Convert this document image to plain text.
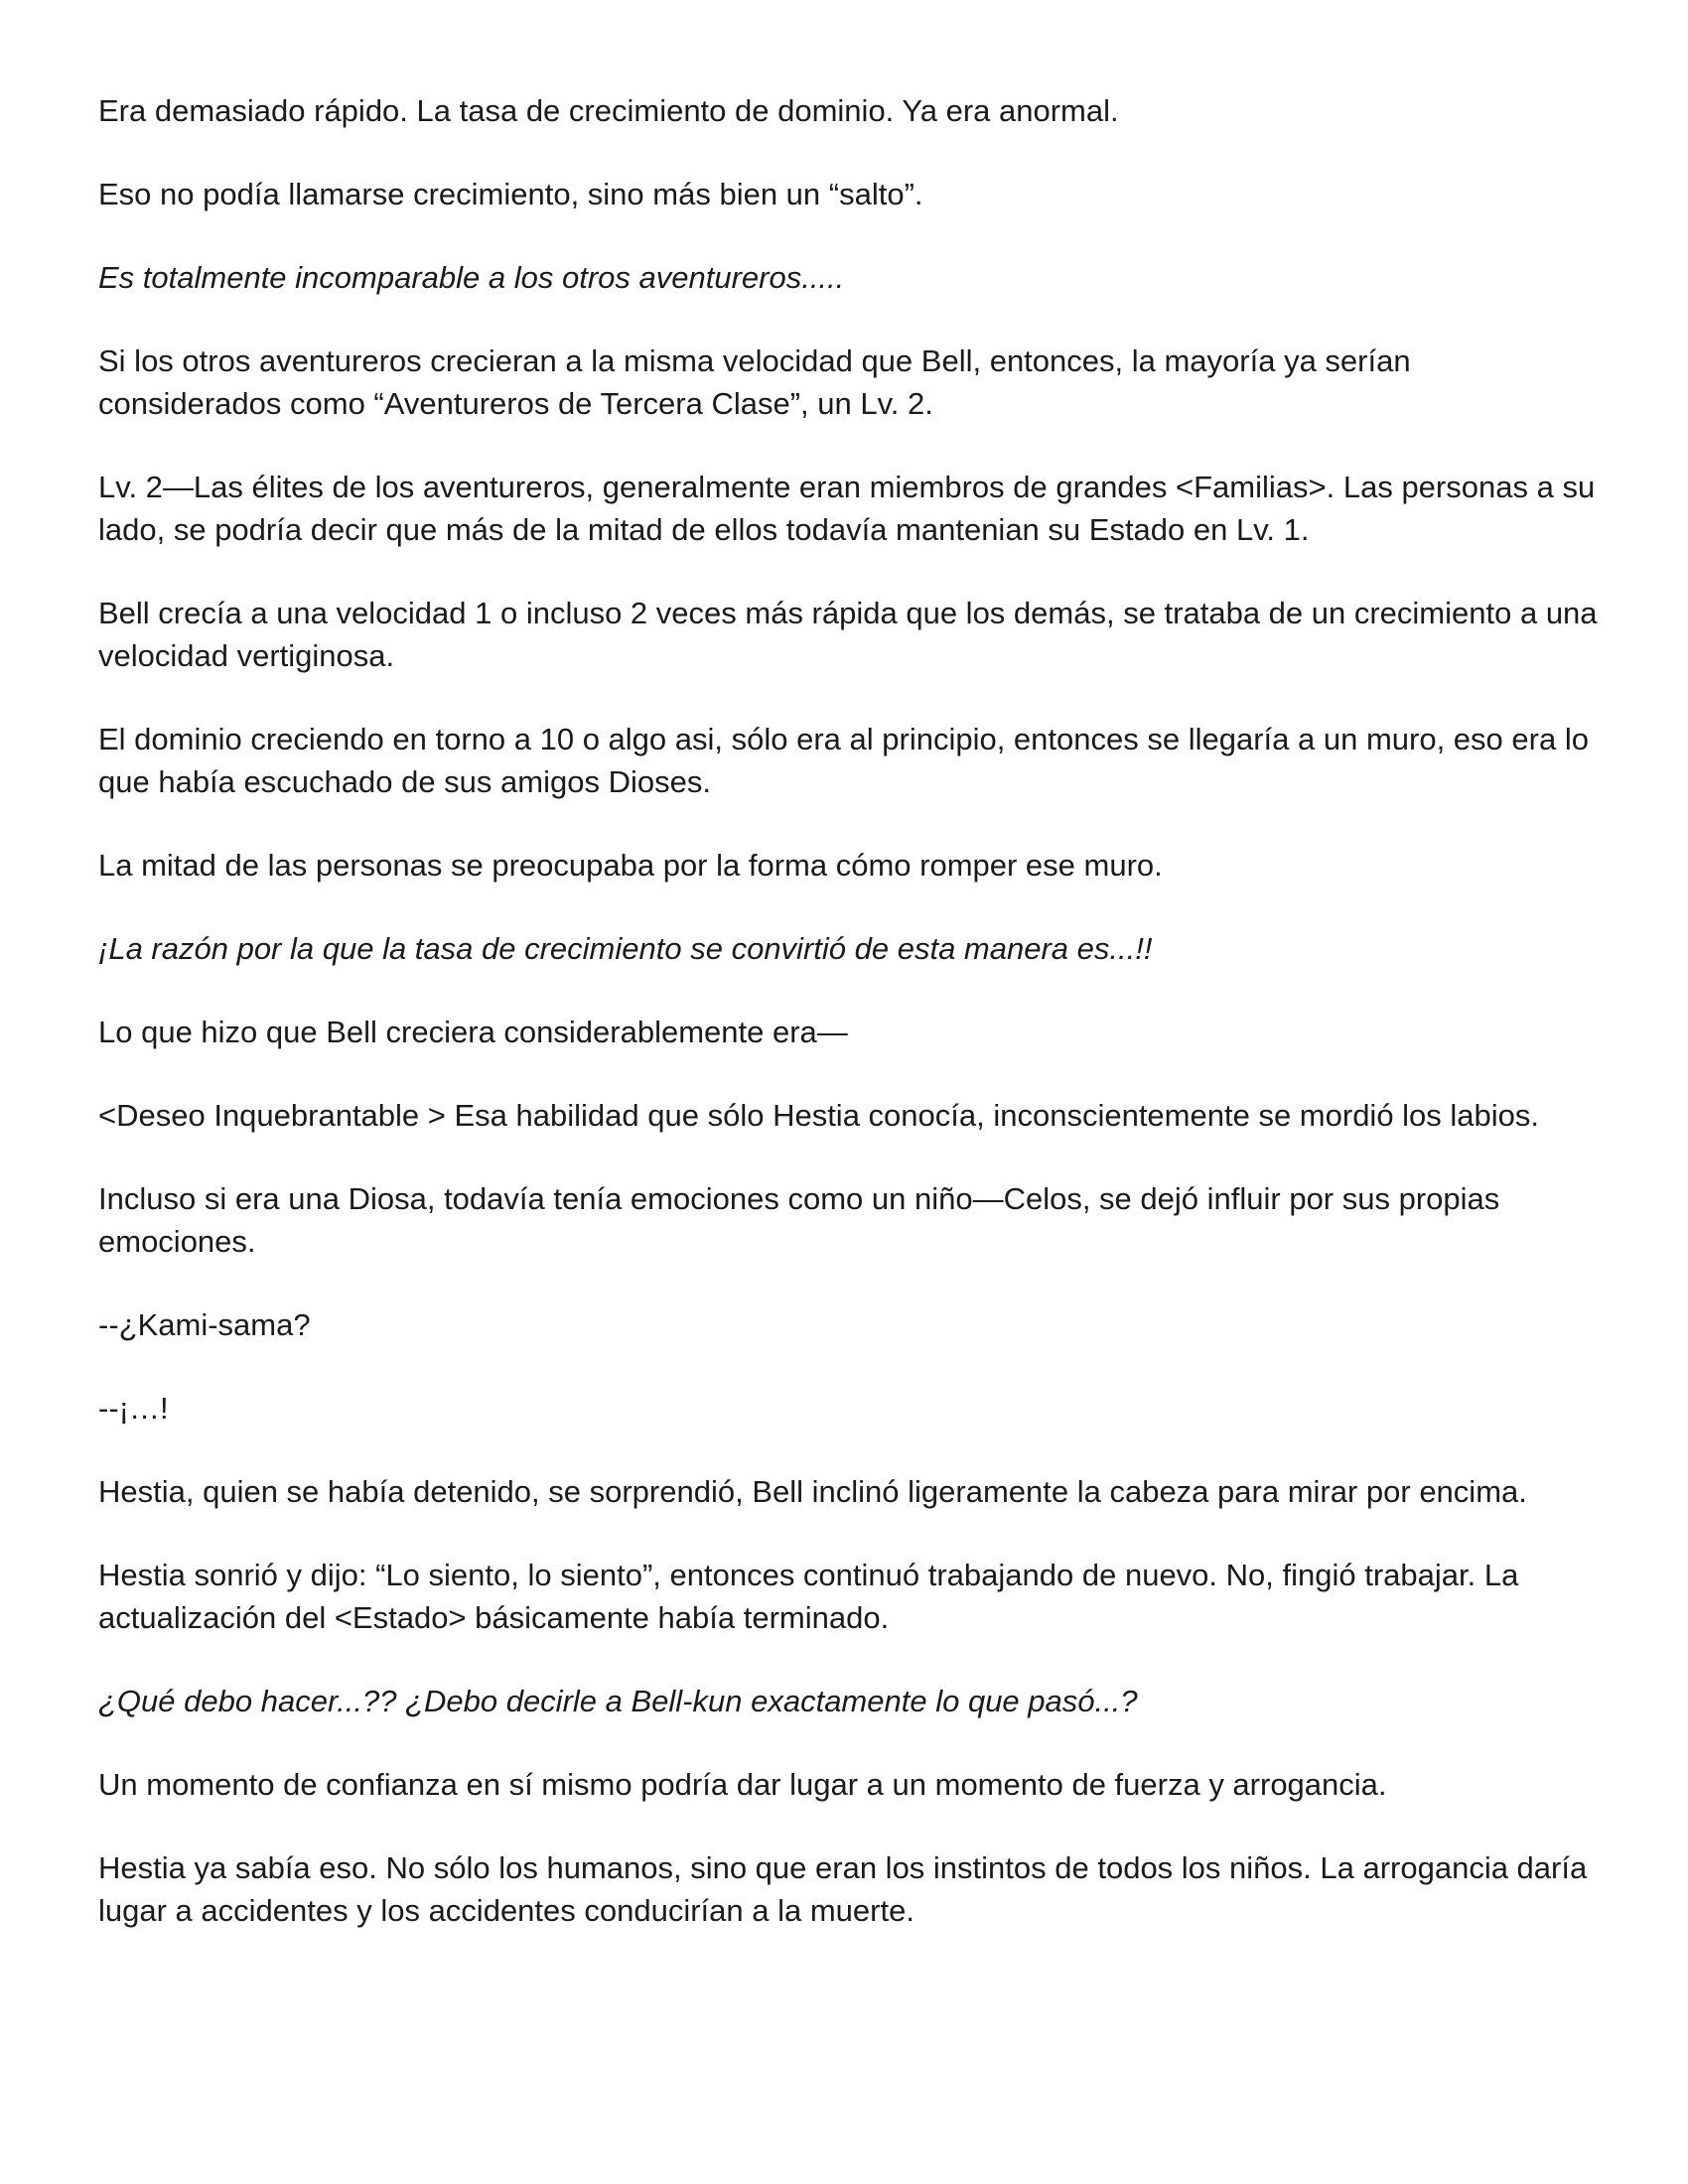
Era demasiado rápido. La tasa de crecimiento de dominio. Ya era anormal.

Eso no podía llamarse crecimiento, sino más bien un “salto”.

Es totalmente incomparable a los otros aventureros.....

Si los otros aventureros crecieran a la misma velocidad que Bell, entonces, la mayoría ya serían considerados como “Aventureros de Tercera Clase”, un Lv. 2.

Lv. 2—Las élites de los aventureros, generalmente eran miembros de grandes <Familias>. Las personas a su lado, se podría decir que más de la mitad de ellos todavía mantenian su Estado en Lv. 1.

Bell crecía a una velocidad 1 o incluso 2 veces más rápida que los demás, se trataba de un crecimiento a una velocidad vertiginosa.

El dominio creciendo en torno a 10 o algo asi, sólo era al principio, entonces se llegaría a un muro, eso era lo que había escuchado de sus amigos Dioses.

La mitad de las personas se preocupaba por la forma cómo romper ese muro.

¡La razón por la que la tasa de crecimiento se convirtió de esta manera es...!!

Lo que hizo que Bell creciera considerablemente era—

<Deseo Inquebrantable > Esa habilidad que sólo Hestia conocía, inconscientemente se mordió los labios.

Incluso si era una Diosa, todavía tenía emociones como un niño—Celos, se dejó influir por sus propias emociones.

--¿Kami-sama?

--¡…!

Hestia, quien se había detenido, se sorprendió, Bell inclinó ligeramente la cabeza para mirar por encima.

Hestia sonrió y dijo: “Lo siento, lo siento”, entonces continuó trabajando de nuevo. No, fingió trabajar. La actualización del <Estado> básicamente había terminado.

¿Qué debo hacer...?? ¿Debo decirle a Bell-kun exactamente lo que pasó...?

Un momento de confianza en sí mismo podría dar lugar a un momento de fuerza y arrogancia.

Hestia ya sabía eso. No sólo los humanos, sino que eran los instintos de todos los niños. La arrogancia daría lugar a accidentes y los accidentes conducirían a la muerte.
